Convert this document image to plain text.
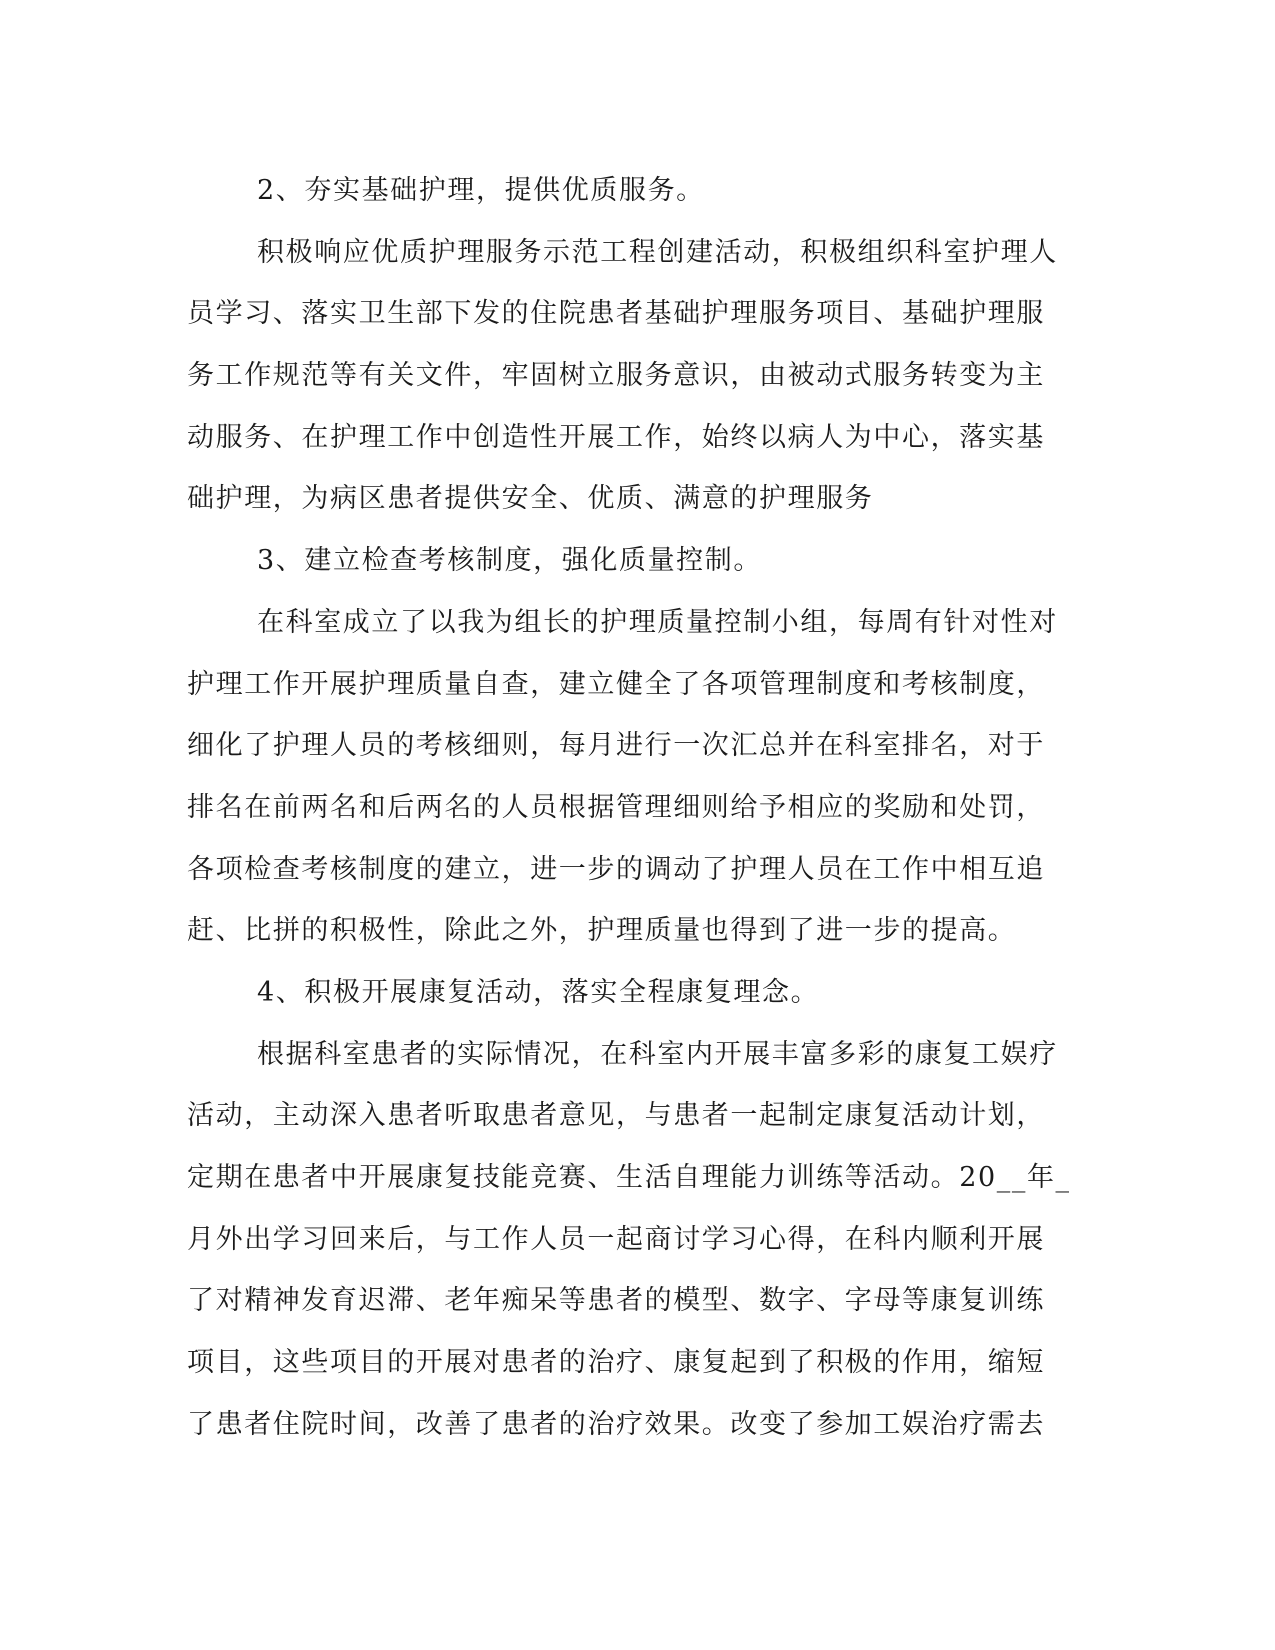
2、夯实基础护理，提供优质服务。
积极响应优质护理服务示范工程创建活动，积极组织科室护理人
员学习、落实卫生部下发的住院患者基础护理服务项目、基础护理服
务工作规范等有关文件，牢固树立服务意识，由被动式服务转变为主
动服务、在护理工作中创造性开展工作，始终以病人为中心，落实基
础护理，为病区患者提供安全、优质、满意的护理服务
3、建立检查考核制度，强化质量控制。
在科室成立了以我为组长的护理质量控制小组，每周有针对性对
护理工作开展护理质量自查，建立健全了各项管理制度和考核制度，
细化了护理人员的考核细则，每月进行一次汇总并在科室排名，对于
排名在前两名和后两名的人员根据管理细则给予相应的奖励和处罚，
各项检查考核制度的建立，进一步的调动了护理人员在工作中相互追
赶、比拼的积极性，除此之外，护理质量也得到了进一步的提高。
4、积极开展康复活动，落实全程康复理念。
根据科室患者的实际情况，在科室内开展丰富多彩的康复工娱疗
活动，主动深入患者听取患者意见，与患者一起制定康复活动计划，
定期在患者中开展康复技能竞赛、生活自理能力训练等活动。20__年_
月外出学习回来后，与工作人员一起商讨学习心得，在科内顺利开展
了对精神发育迟滞、老年痴呆等患者的模型、数字、字母等康复训练
项目，这些项目的开展对患者的治疗、康复起到了积极的作用，缩短
了患者住院时间，改善了患者的治疗效果。改变了参加工娱治疗需去
